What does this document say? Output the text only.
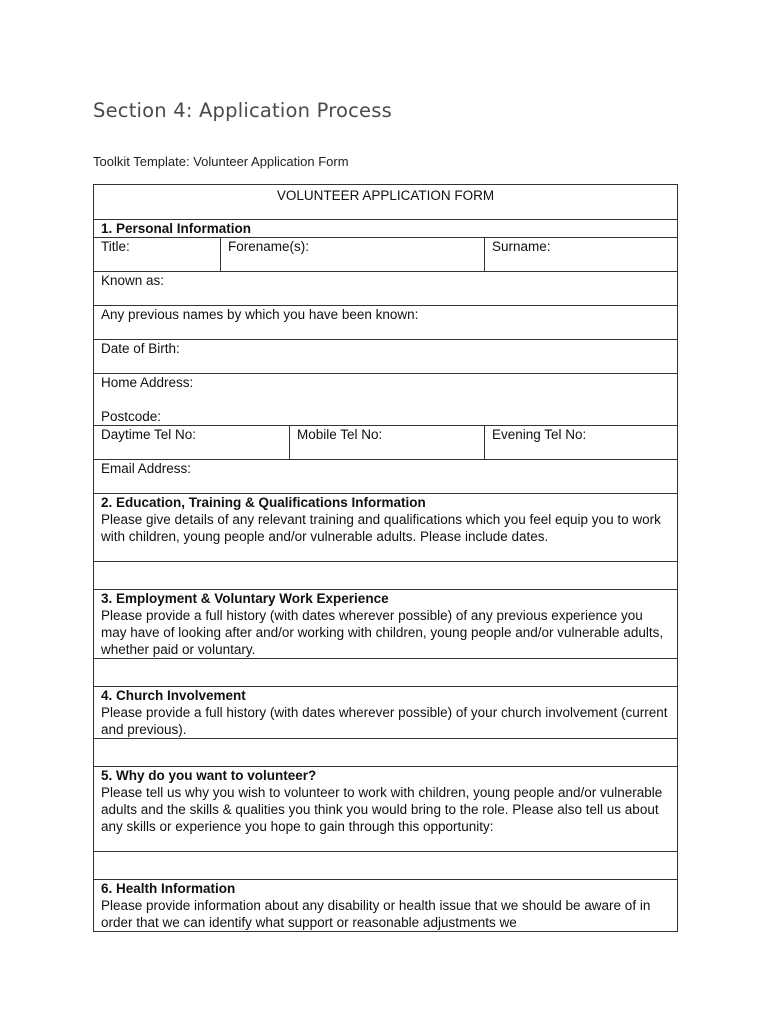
Section 4: Application Process

Toolkit Template: Volunteer Application Form

VOLUNTEER APPLICATION FORM			
1. Personal Information			
Title:	Forename(s):		Surname:
Known as:			
Any previous names by which you have been known:			
Date of Birth:			

Home Address:
Postcode:			

Daytime Tel No:		Mobile Tel No:	Evening Tel No:
Email Address:			

2. Education, Training & Qualifications Information
Please give details of any relevant training and qualifications which you feel equip you to work with children, young people and/or vulnerable adults. Please include dates.			

3. Employment & Voluntary Work Experience
Please provide a full history (with dates wherever possible) of any previous experience you may have of looking after and/or working with children, young people and/or vulnerable adults, whether paid or voluntary.			

4. Church Involvement
Please provide a full history (with dates wherever possible) of your church involvement (current and previous).			

5. Why do you want to volunteer?
Please tell us why you wish to volunteer to work with children, young people and/or vulnerable adults and the skills & qualities you think you would bring to the role. Please also tell us about any skills or experience you hope to gain through this opportunity:			

6. Health Information
Please provide information about any disability or health issue that we should be aware of in order that we can identify what support or reasonable adjustments we			
